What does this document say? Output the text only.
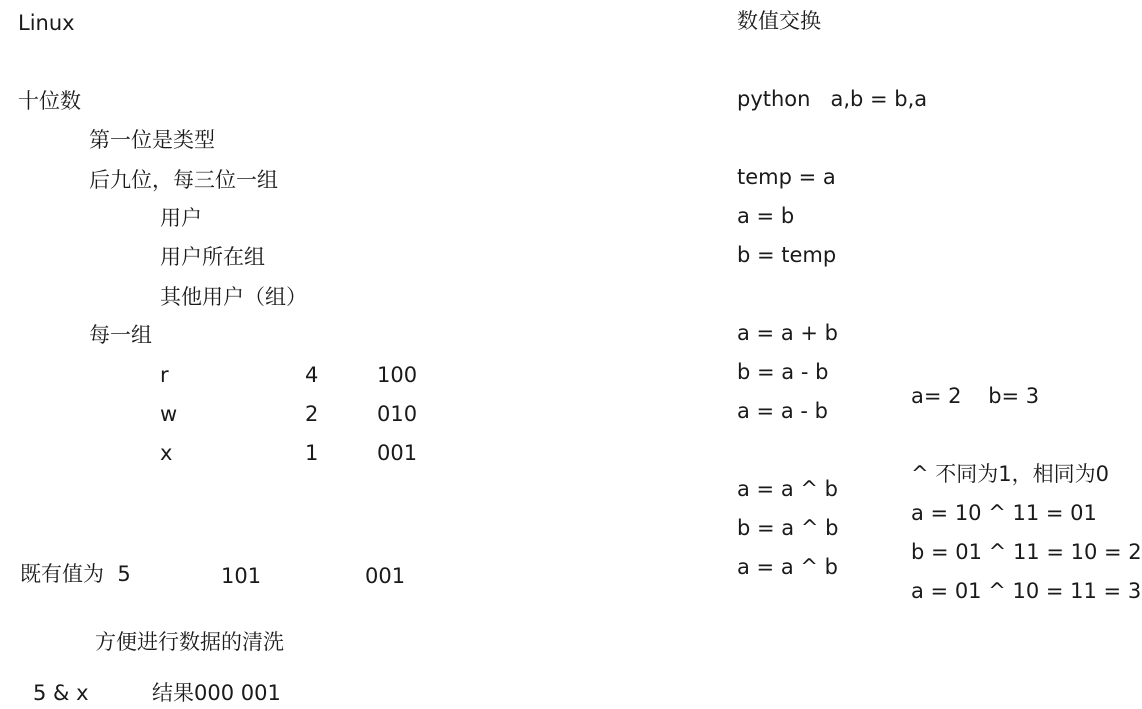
Linux
十位数
第一位是类型
后九位，每三位一组
用户
用户所在组
其他用户（组）
每一组
r	4	100
w	2	010
x	1	001
既有值为  5	101	001
方便进行数据的清洗
5 & x	结果000 001
数值交换
python   a,b = b,a
temp = a
a = b
b = temp
a = a + b
b = a - b
a = a - b
a= 2    b= 3
^ 不同为1，相同为0
a = a ^ b
b = a ^ b
a = a ^ b
a = 10 ^ 11 = 01
b = 01 ^ 11 = 10 = 2
a = 01 ^ 10 = 11 = 3
